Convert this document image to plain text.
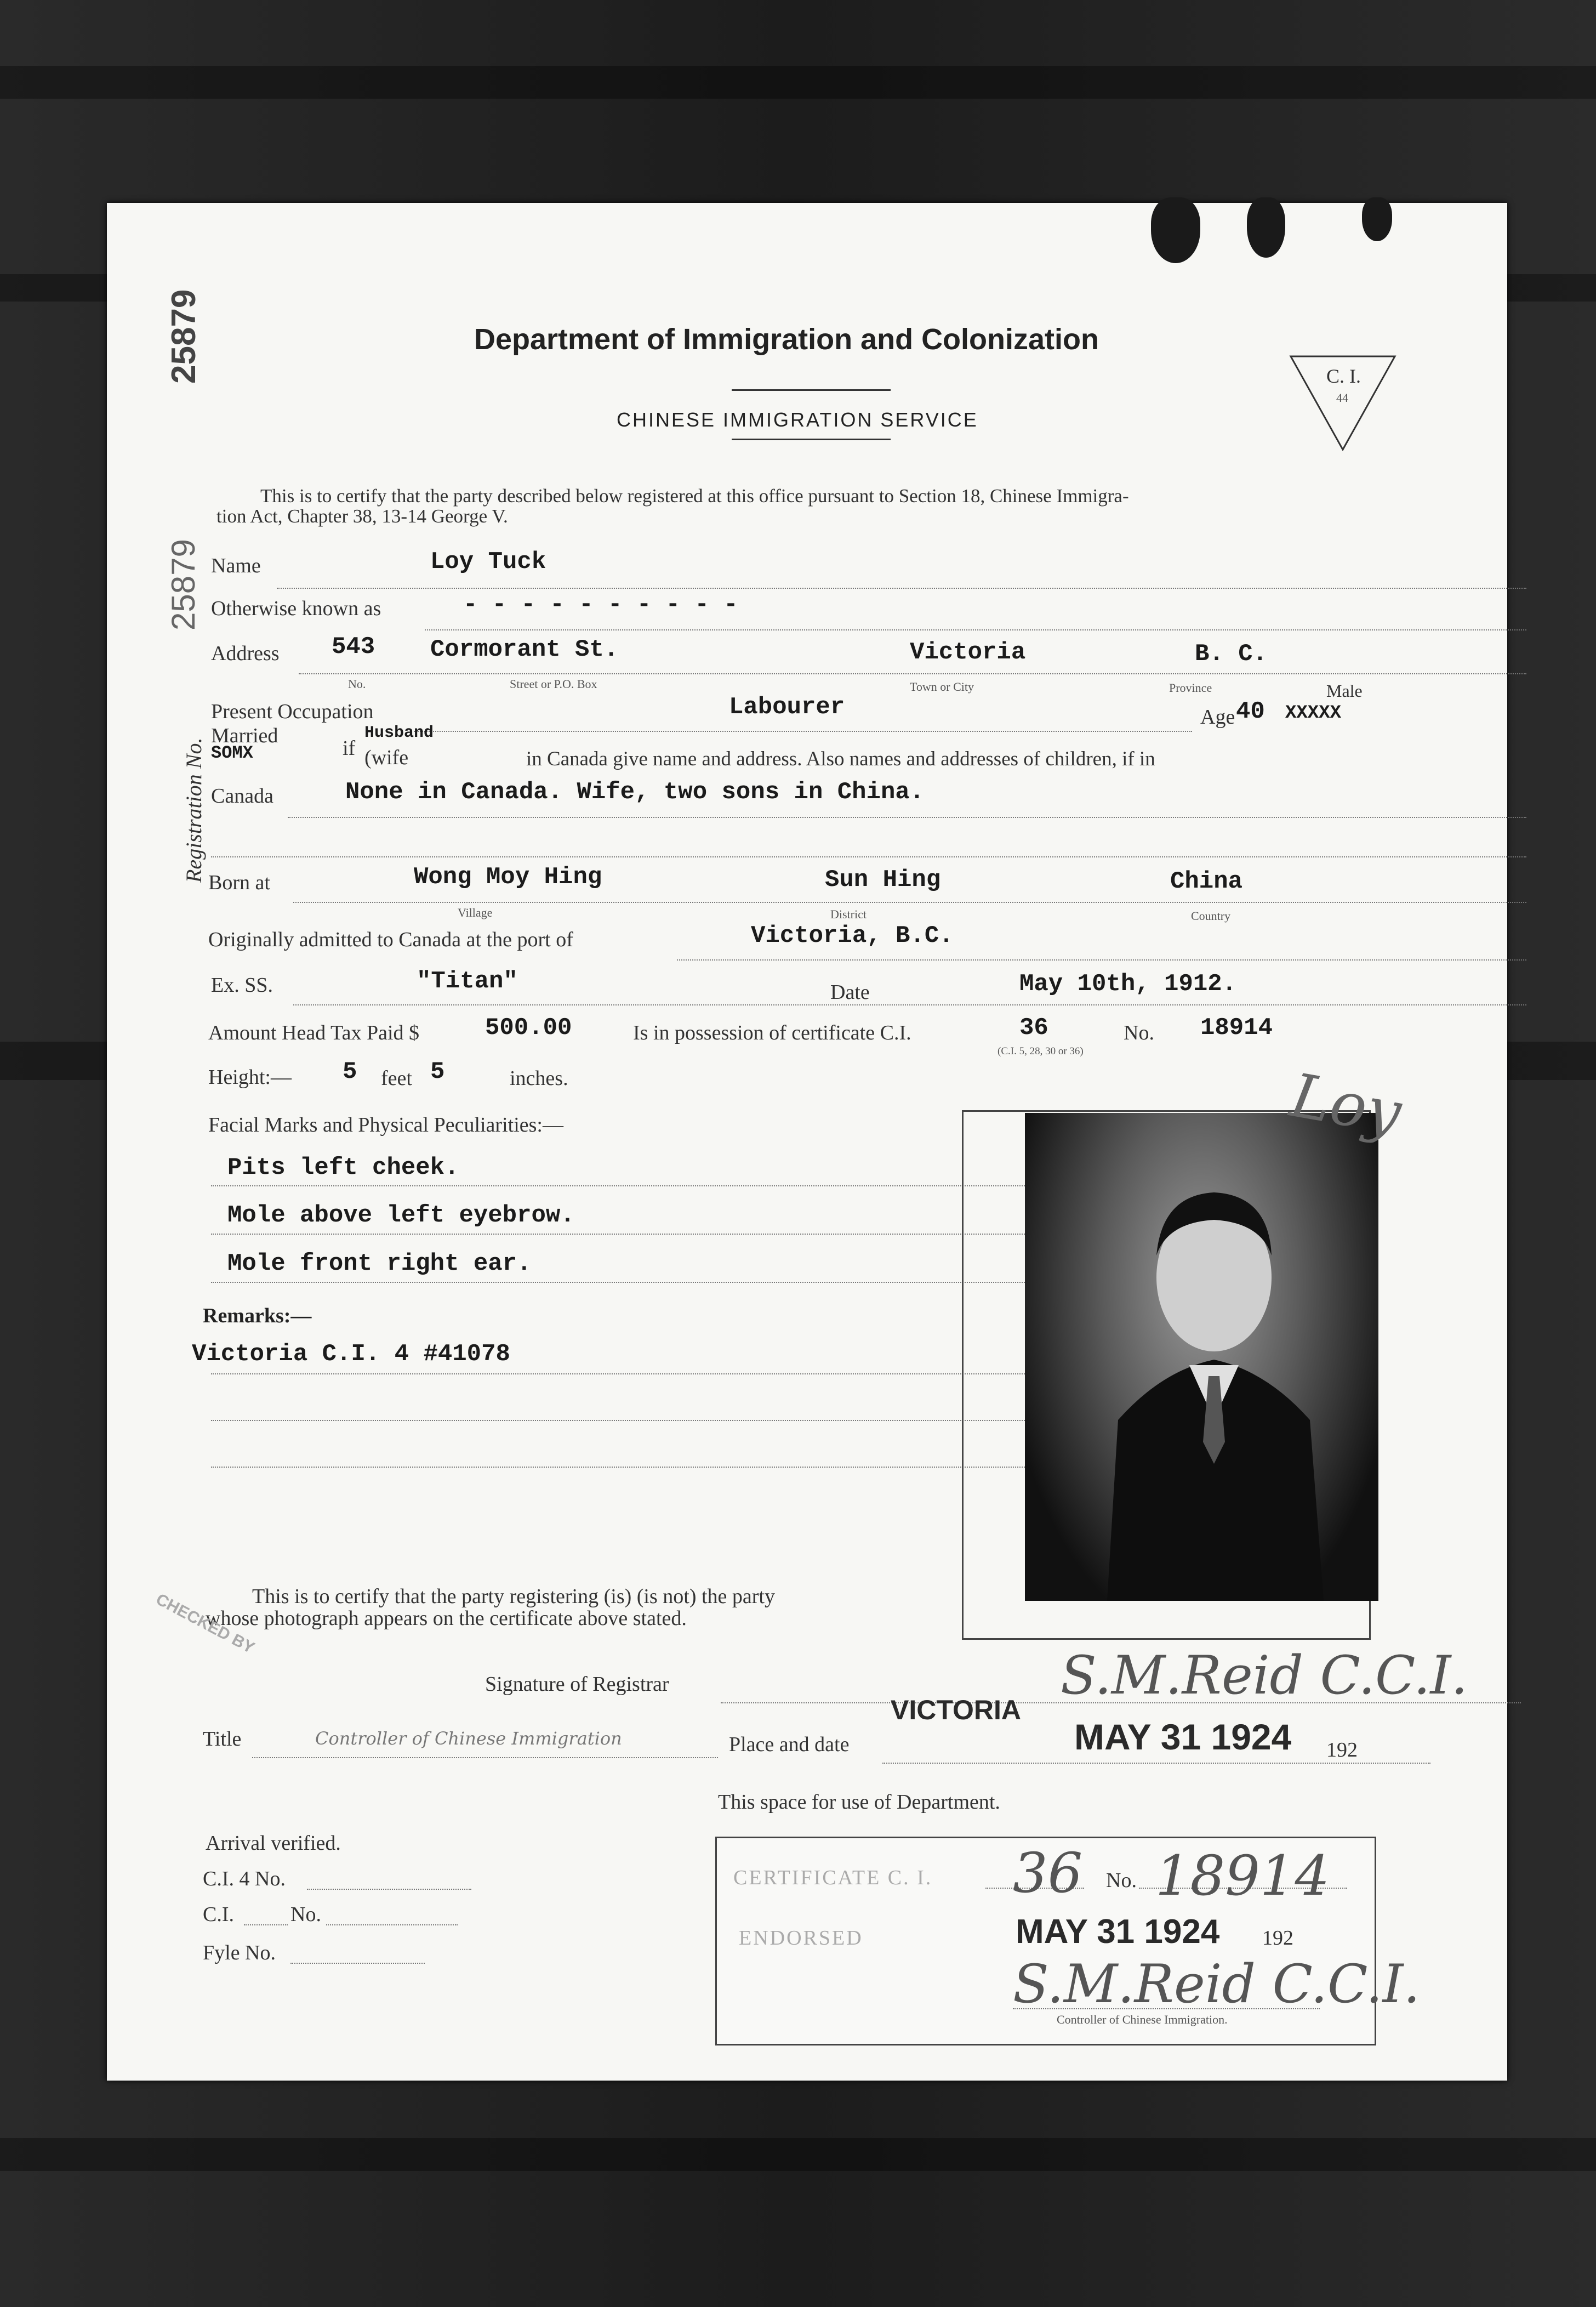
25879
25879
Registration No.
Department of Immigration and Colonization
CHINESE IMMIGRATION SERVICE
C. I.
44
This is to certify that the party described below registered at this office pursuant to Section 18, Chinese Immigra-
tion Act, Chapter 38, 13-14 George V.
Name	Loy Tuck
Otherwise known as	- - - - - - - - - -
Address 543 Cormorant St.	Victoria	B. C.
No.	Street or P.O. Box	Town or City	Province
Present Occupation	Labourer	Age 40 XXXXX
Male
Married
SOMX	if
Husband
(wife	in Canada give name and address. Also names and addresses of children, if in
Canada	None in Canada. Wife, two sons in China.
Born at	Wong Moy Hing	Sun Hing	China
Village	District	Country
Originally admitted to Canada at the port of	Victoria, B.C.
Ex. SS.	"Titan"	Date	May 10th, 1912.
Amount Head Tax Paid $	500.00	Is in possession of certificate C.I.	36	No. 18914
(C.I. 5, 28, 30 or 36)
Height:— 5 feet 5	inches.
Facial Marks and Physical Peculiarities:—
Pits left cheek.
Mole above left eyebrow.
Mole front right ear.
Remarks:—
Victoria C.I. 4 #41078
Loy
This is to certify that the party registering (is) (is not) the party
whose photograph appears on the certificate above stated.
CHECKED BY
Signature of Registrar	S.M.Reid C.C.I.
Title	Controller of Chinese Immigration	Place and date
VICTORIA
MAY 31 1924 192
This space for use of Department.
Arrival verified.
C.I. 4 No.
C.I.	No.
Fyle No.
CERTIFICATE C. I. 36 No. 18914
ENDORSED	MAY 31 1924 192
S.M.Reid C.C.I.
Controller of Chinese Immigration.
